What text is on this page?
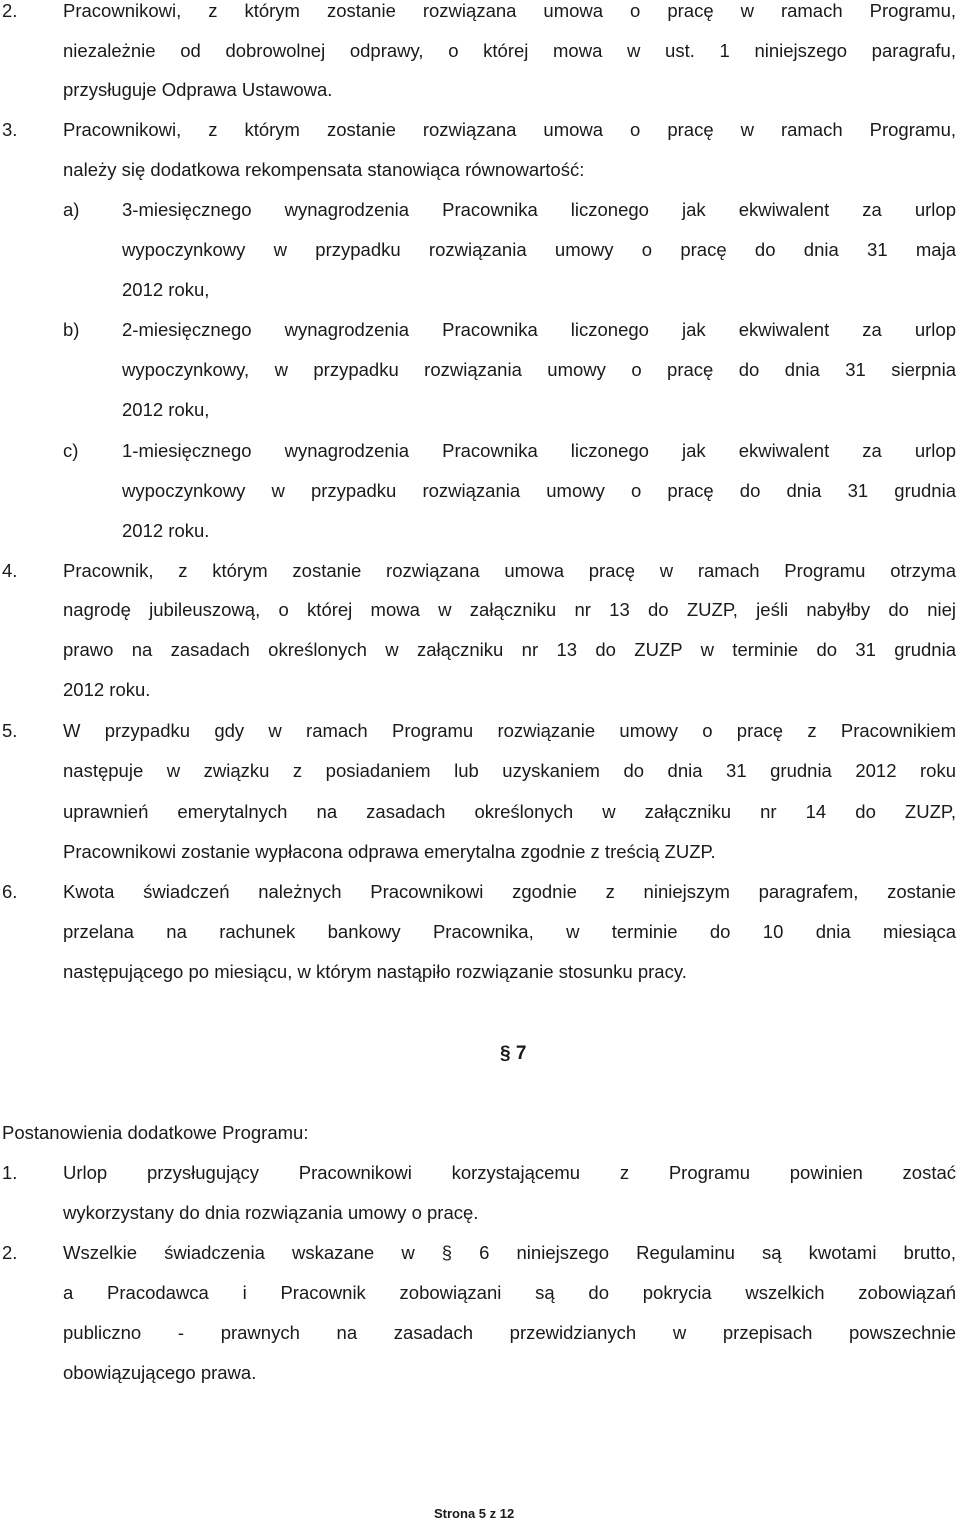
2. Pracownikowi, z którym zostanie rozwiązana umowa o pracę w ramach Programu,
niezależnie od dobrowolnej odprawy, o której mowa w ust. 1 niniejszego paragrafu,
przysługuje Odprawa Ustawowa.
3. Pracownikowi, z którym zostanie rozwiązana umowa o pracę w ramach Programu,
należy się dodatkowa rekompensata stanowiąca równowartość:
a) 3-miesięcznego wynagrodzenia Pracownika liczonego jak ekwiwalent za urlop
wypoczynkowy w przypadku rozwiązania umowy o pracę do dnia 31 maja
2012 roku,
b) 2-miesięcznego wynagrodzenia Pracownika liczonego jak ekwiwalent za urlop
wypoczynkowy, w przypadku rozwiązania umowy o pracę do dnia 31 sierpnia
2012 roku,
c) 1-miesięcznego wynagrodzenia Pracownika liczonego jak ekwiwalent za urlop
wypoczynkowy w przypadku rozwiązania umowy o pracę do dnia 31 grudnia
2012 roku.
4. Pracownik, z którym zostanie rozwiązana umowa pracę w ramach Programu otrzyma
nagrodę jubileuszową, o której mowa w załączniku nr 13 do ZUZP, jeśli nabyłby do niej
prawo na zasadach określonych w załączniku nr 13 do ZUZP w terminie do 31 grudnia
2012 roku.
5. W przypadku gdy w ramach Programu rozwiązanie umowy o pracę z Pracownikiem
następuje w związku z posiadaniem lub uzyskaniem do dnia 31 grudnia 2012 roku
uprawnień emerytalnych na zasadach określonych w załączniku nr 14 do ZUZP,
Pracownikowi zostanie wypłacona odprawa emerytalna zgodnie z treścią ZUZP.
6. Kwota świadczeń należnych Pracownikowi zgodnie z niniejszym paragrafem, zostanie
przelana na rachunek bankowy Pracownika, w terminie do 10 dnia miesiąca
następującego po miesiącu, w którym nastąpiło rozwiązanie stosunku pracy.
§ 7
Postanowienia dodatkowe Programu:
1. Urlop przysługujący Pracownikowi korzystającemu z Programu powinien zostać
wykorzystany do dnia rozwiązania umowy o pracę.
2. Wszelkie świadczenia wskazane w § 6 niniejszego Regulaminu są kwotami brutto,
a Pracodawca i Pracownik zobowiązani są do pokrycia wszelkich zobowiązań
publiczno - prawnych na zasadach przewidzianych w przepisach powszechnie
obowiązującego prawa.
Strona 5 z 12
